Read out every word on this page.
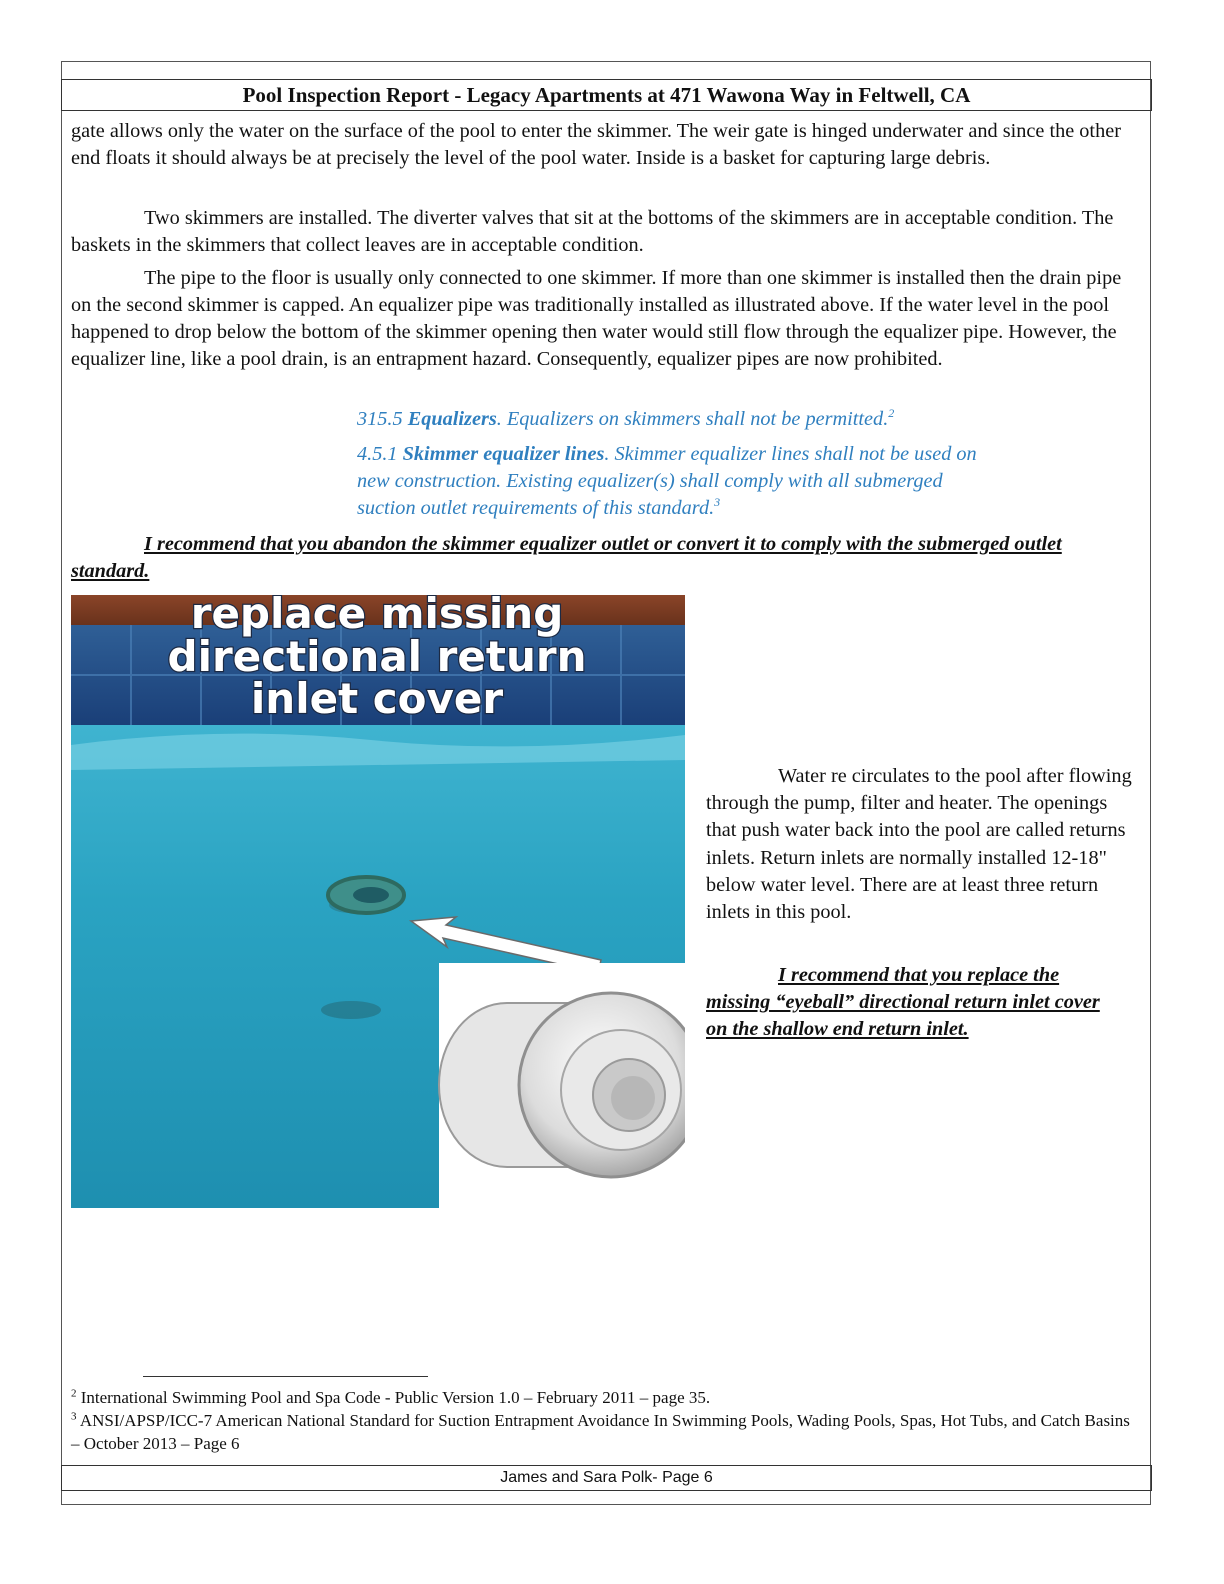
Pool Inspection Report - Legacy Apartments at 471 Wawona Way in Feltwell, CA

gate allows only the water on the surface of the pool to enter the skimmer. The weir gate is hinged underwater and since the other end floats it should always be at precisely the level of the pool water. Inside is a basket for capturing large debris.

Two skimmers are installed. The diverter valves that sit at the bottoms of the skimmers are in acceptable condition. The baskets in the skimmers that collect leaves are in acceptable condition.

The pipe to the floor is usually only connected to one skimmer. If more than one skimmer is installed then the drain pipe on the second skimmer is capped. An equalizer pipe was traditionally installed as illustrated above. If the water level in the pool happened to drop below the bottom of the skimmer opening then water would still flow through the equalizer pipe. However, the equalizer line, like a pool drain, is an entrapment hazard. Consequently, equalizer pipes are now prohibited.

315.5 Equalizers. Equalizers on skimmers shall not be permitted.$^2$
4.5.1 Skimmer equalizer lines. Skimmer equalizer lines shall not be used on new construction. Existing equalizer(s) shall comply with all submerged suction outlet requirements of this standard.$^3$
I recommend that you abandon the skimmer equalizer outlet or convert it to comply with the submerged outlet standard.
replace missing
directional return
inlet cover
Water re circulates to the pool after flowing through the pump, filter and heater. The openings that push water back into the pool are called returns inlets. Return inlets are normally installed 12-18" below water level. There are at least three return inlets in this pool.
I recommend that you replace the missing “eyeball” directional return inlet cover on the shallow end return inlet.

$^2$ International Swimming Pool and Spa Code - Public Version 1.0 – February 2011 – page 35.

$^3$ ANSI/APSP/ICC-7 American National Standard for Suction Entrapment Avoidance In Swimming Pools, Wading Pools, Spas, Hot Tubs, and Catch Basins – October 2013 – Page 6

James and Sara Polk- Page 6
